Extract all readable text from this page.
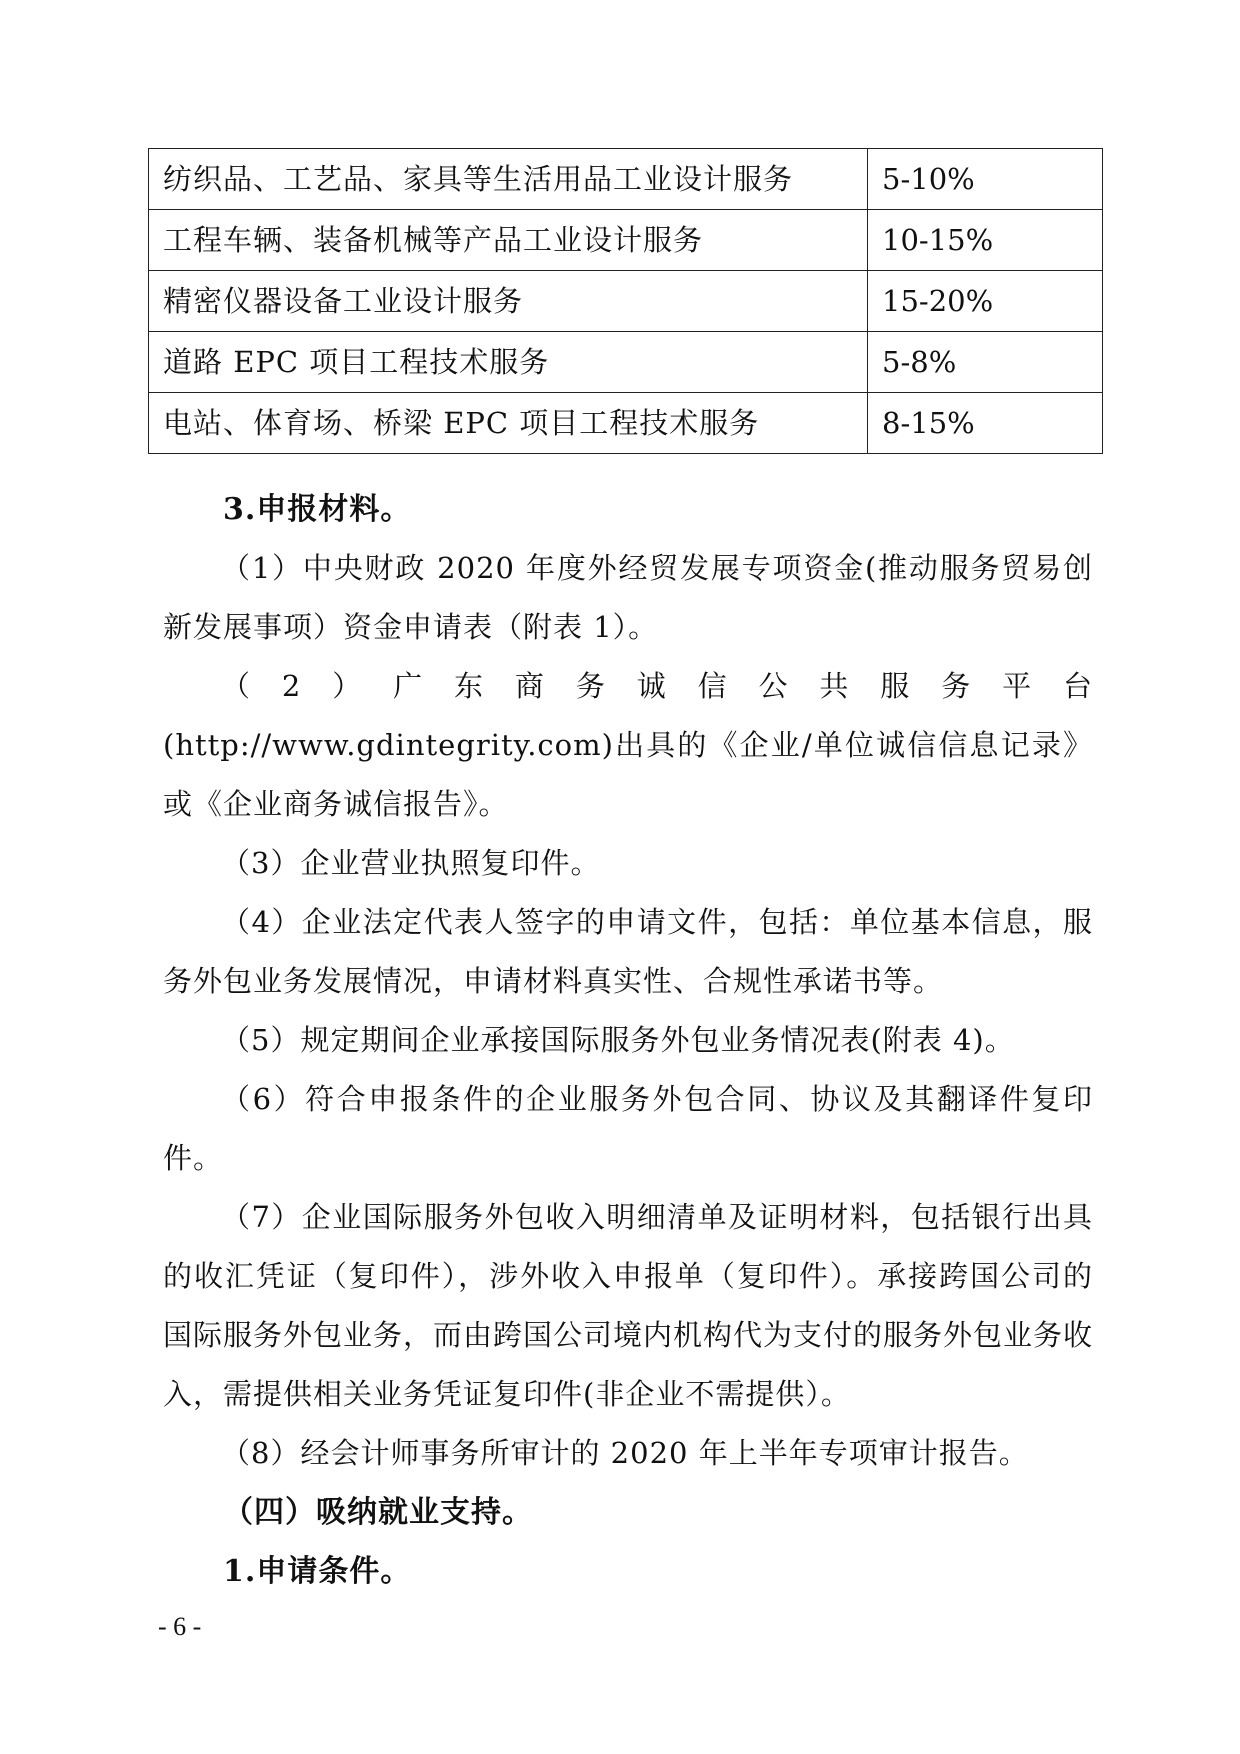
纺织品、工艺品、家具等生活用品工业设计服务	5-10%
工程车辆、装备机械等产品工业设计服务	10-15%
精密仪器设备工业设计服务	15-20%
道路 EPC 项目工程技术服务	5-8%
电站、体育场、桥梁 EPC 项目工程技术服务	8-15%

3.申报材料。

（1）中央财政 2020 年度外经贸发展专项资金(推动服务贸易创新发展事项）资金申请表（附表 1）。

（2）广东商务诚信公共服务平台(http://www.gdintegrity.com)出具的《企业/单位诚信信息记录》或《企业商务诚信报告》。

（3）企业营业执照复印件。

（4）企业法定代表人签字的申请文件，包括：单位基本信息，服务外包业务发展情况，申请材料真实性、合规性承诺书等。

（5）规定期间企业承接国际服务外包业务情况表(附表 4)。

（6）符合申报条件的企业服务外包合同、协议及其翻译件复印件。

（7）企业国际服务外包收入明细清单及证明材料，包括银行出具的收汇凭证（复印件），涉外收入申报单（复印件）。承接跨国公司的国际服务外包业务，而由跨国公司境内机构代为支付的服务外包业务收入，需提供相关业务凭证复印件(非企业不需提供）。

（8）经会计师事务所审计的 2020 年上半年专项审计报告。

（四）吸纳就业支持。

1.申请条件。

- 6 -
